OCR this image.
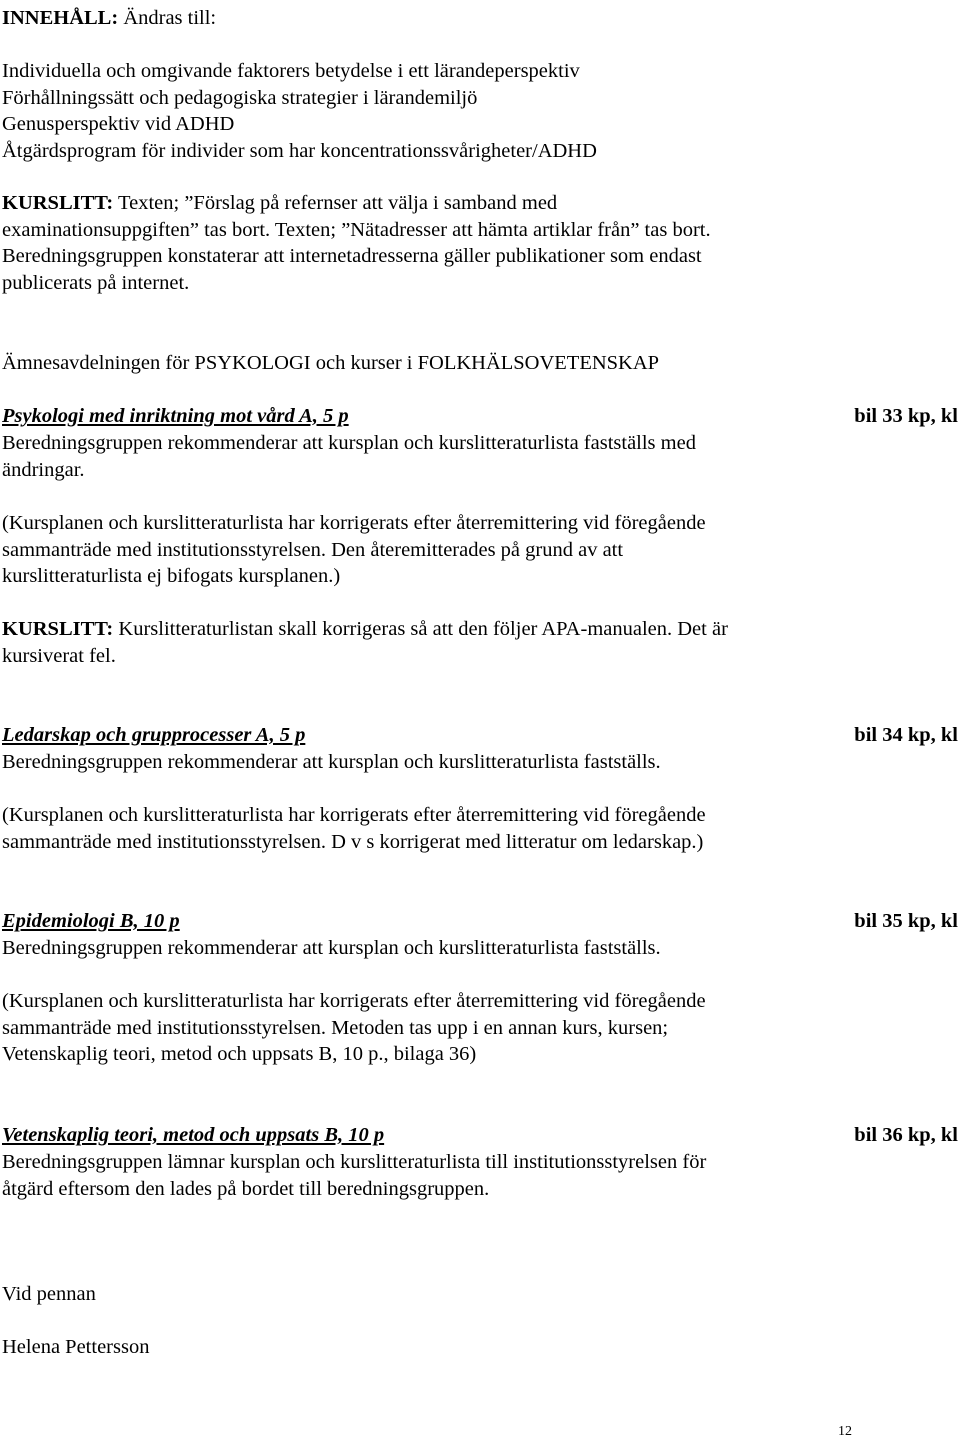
INNEHÅLL: Ändras till:
Individuella och omgivande faktorers betydelse i ett lärandeperspektiv
Förhållningssätt och pedagogiska strategier i lärandemiljö
Genusperspektiv vid ADHD
Åtgärdsprogram för individer som har koncentrationssvårigheter/ADHD
KURSLITT: Texten; ”Förslag på refernser att välja i samband med
examinationsuppgiften” tas bort. Texten; ”Nätadresser att hämta artiklar från” tas bort.
Beredningsgruppen konstaterar att internetadresserna gäller publikationer som endast
publicerats på internet.
Ämnesavdelningen för PSYKOLOGI och kurser i FOLKHÄLSOVETENSKAP
Psykologi med inriktning mot vård A, 5 p	bil 33 kp, kl
Beredningsgruppen rekommenderar att kursplan och kurslitteraturlista fastställs med
ändringar.
(Kursplanen och kurslitteraturlista har korrigerats efter återremittering vid föregående
sammanträde med institutionsstyrelsen. Den återemitterades på grund av att
kurslitteraturlista ej bifogats kursplanen.)
KURSLITT: Kurslitteraturlistan skall korrigeras så att den följer APA-manualen. Det är
kursiverat fel.
Ledarskap och grupprocesser A, 5 p	bil 34 kp, kl
Beredningsgruppen rekommenderar att kursplan och kurslitteraturlista fastställs.
(Kursplanen och kurslitteraturlista har korrigerats efter återremittering vid föregående
sammanträde med institutionsstyrelsen. D v s korrigerat med litteratur om ledarskap.)
Epidemiologi B, 10 p	bil 35 kp, kl
Beredningsgruppen rekommenderar att kursplan och kurslitteraturlista fastställs.
(Kursplanen och kurslitteraturlista har korrigerats efter återremittering vid föregående
sammanträde med institutionsstyrelsen. Metoden tas upp i en annan kurs, kursen;
Vetenskaplig teori, metod och uppsats B, 10 p., bilaga 36)
Vetenskaplig teori, metod och uppsats B, 10 p	bil 36 kp, kl
Beredningsgruppen lämnar kursplan och kurslitteraturlista till institutionsstyrelsen för
åtgärd eftersom den lades på bordet till beredningsgruppen.
Vid pennan
Helena Pettersson
12
